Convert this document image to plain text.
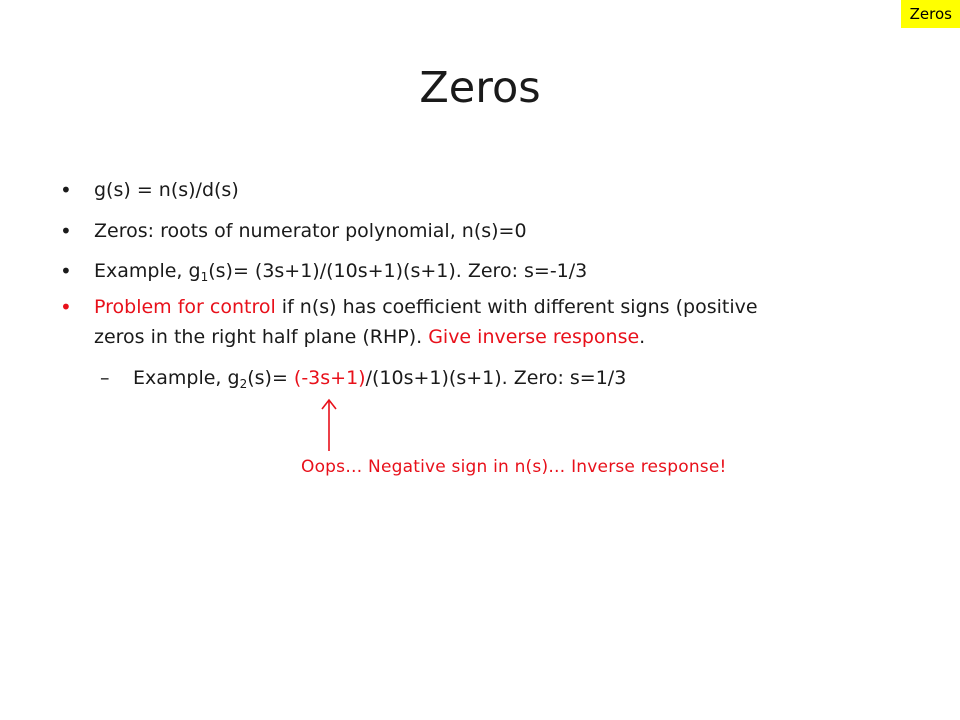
Zeros
Zeros
• g(s) = n(s)/d(s)
• Zeros: roots of numerator polynomial, n(s)=0
• Example, $g_1(s)= (3s+1)/(10s+1)(s+1)$. Zero: s=-1/3
• Problem for control if n(s) has coefficient with different signs (positive
zeros in the right half plane (RHP). Give inverse response.
– Example, $g_2(s)= (-3s+1)/(10s+1)(s+1)$. Zero: s=1/3
Oops… Negative sign in n(s)… Inverse response!
